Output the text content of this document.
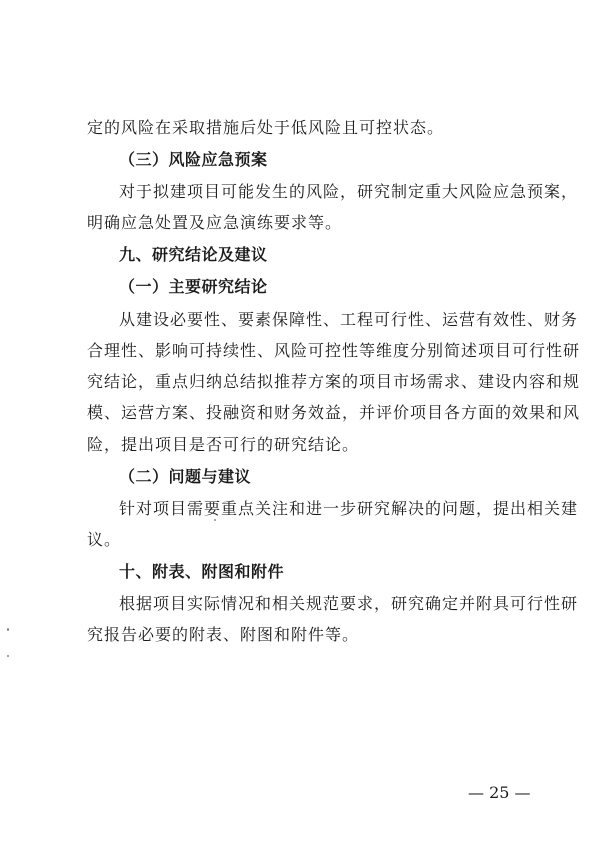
定的风险在采取措施后处于低风险且可控状态。
（三）风险应急预案
对于拟建项目可能发生的风险，研究制定重大风险应急预案，
明确应急处置及应急演练要求等。
九、研究结论及建议
（一）主要研究结论
从建设必要性、要素保障性、工程可行性、运营有效性、财务
合理性、影响可持续性、风险可控性等维度分别简述项目可行性研
究结论，重点归纳总结拟推荐方案的项目市场需求、建设内容和规
模、运营方案、投融资和财务效益，并评价项目各方面的效果和风
险，提出项目是否可行的研究结论。
（二）问题与建议
针对项目需要重点关注和进一步研究解决的问题，提出相关建
议。
十、附表、附图和附件
根据项目实际情况和相关规范要求，研究确定并附具可行性研
究报告必要的附表、附图和附件等。
— 25 —
